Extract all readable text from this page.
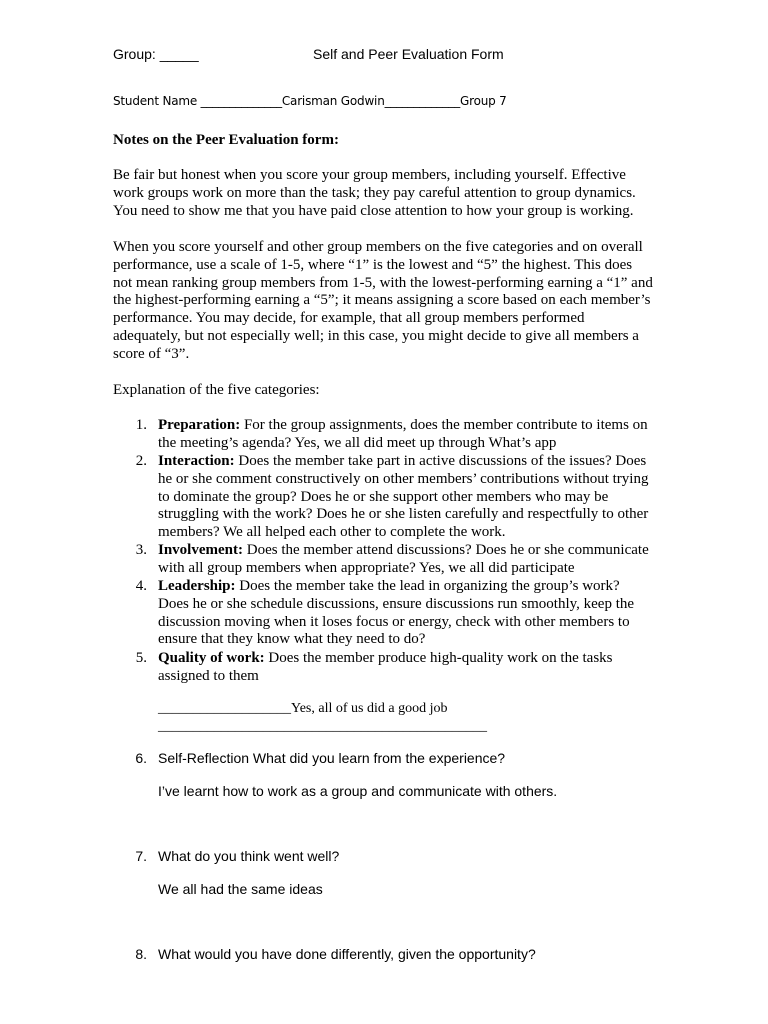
Group: _____	Self and Peer Evaluation Form
Student Name ______________Carisman Godwin_____________Group 7
Notes on the Peer Evaluation form:
Be fair but honest when you score your group members, including yourself. Effective
work groups work on more than the task; they pay careful attention to group dynamics.
You need to show me that you have paid close attention to how your group is working.
When you score yourself and other group members on the five categories and on overall
performance, use a scale of 1-5, where “1” is the lowest and “5” the highest. This does
not mean ranking group members from 1-5, with the lowest-performing earning a “1” and
the highest-performing earning a “5”; it means assigning a score based on each member’s
performance. You may decide, for example, that all group members performed
adequately, but not especially well; in this case, you might decide to give all members a
score of “3”.
Explanation of the five categories:
1. Preparation: For the group assignments, does the member contribute to items on
the meeting’s agenda? Yes, we all did meet up through What’s app
2. Interaction: Does the member take part in active discussions of the issues? Does
he or she comment constructively on other members’ contributions without trying
to dominate the group? Does he or she support other members who may be
struggling with the work? Does he or she listen carefully and respectfully to other
members? We all helped each other to complete the work.
3. Involvement: Does the member attend discussions? Does he or she communicate
with all group members when appropriate? Yes, we all did participate
4. Leadership: Does the member take the lead in organizing the group’s work?
Does he or she schedule discussions, ensure discussions run smoothly, keep the
discussion moving when it loses focus or energy, check with other members to
ensure that they know what they need to do?
5. Quality of work: Does the member produce high-quality work on the tasks
assigned to them
___________________Yes, all of us did a good job
_______________________________________________
6. Self-Reflection What did you learn from the experience?
I’ve learnt how to work as a group and communicate with others.
7. What do you think went well?
We all had the same ideas
8. What would you have done differently, given the opportunity?
